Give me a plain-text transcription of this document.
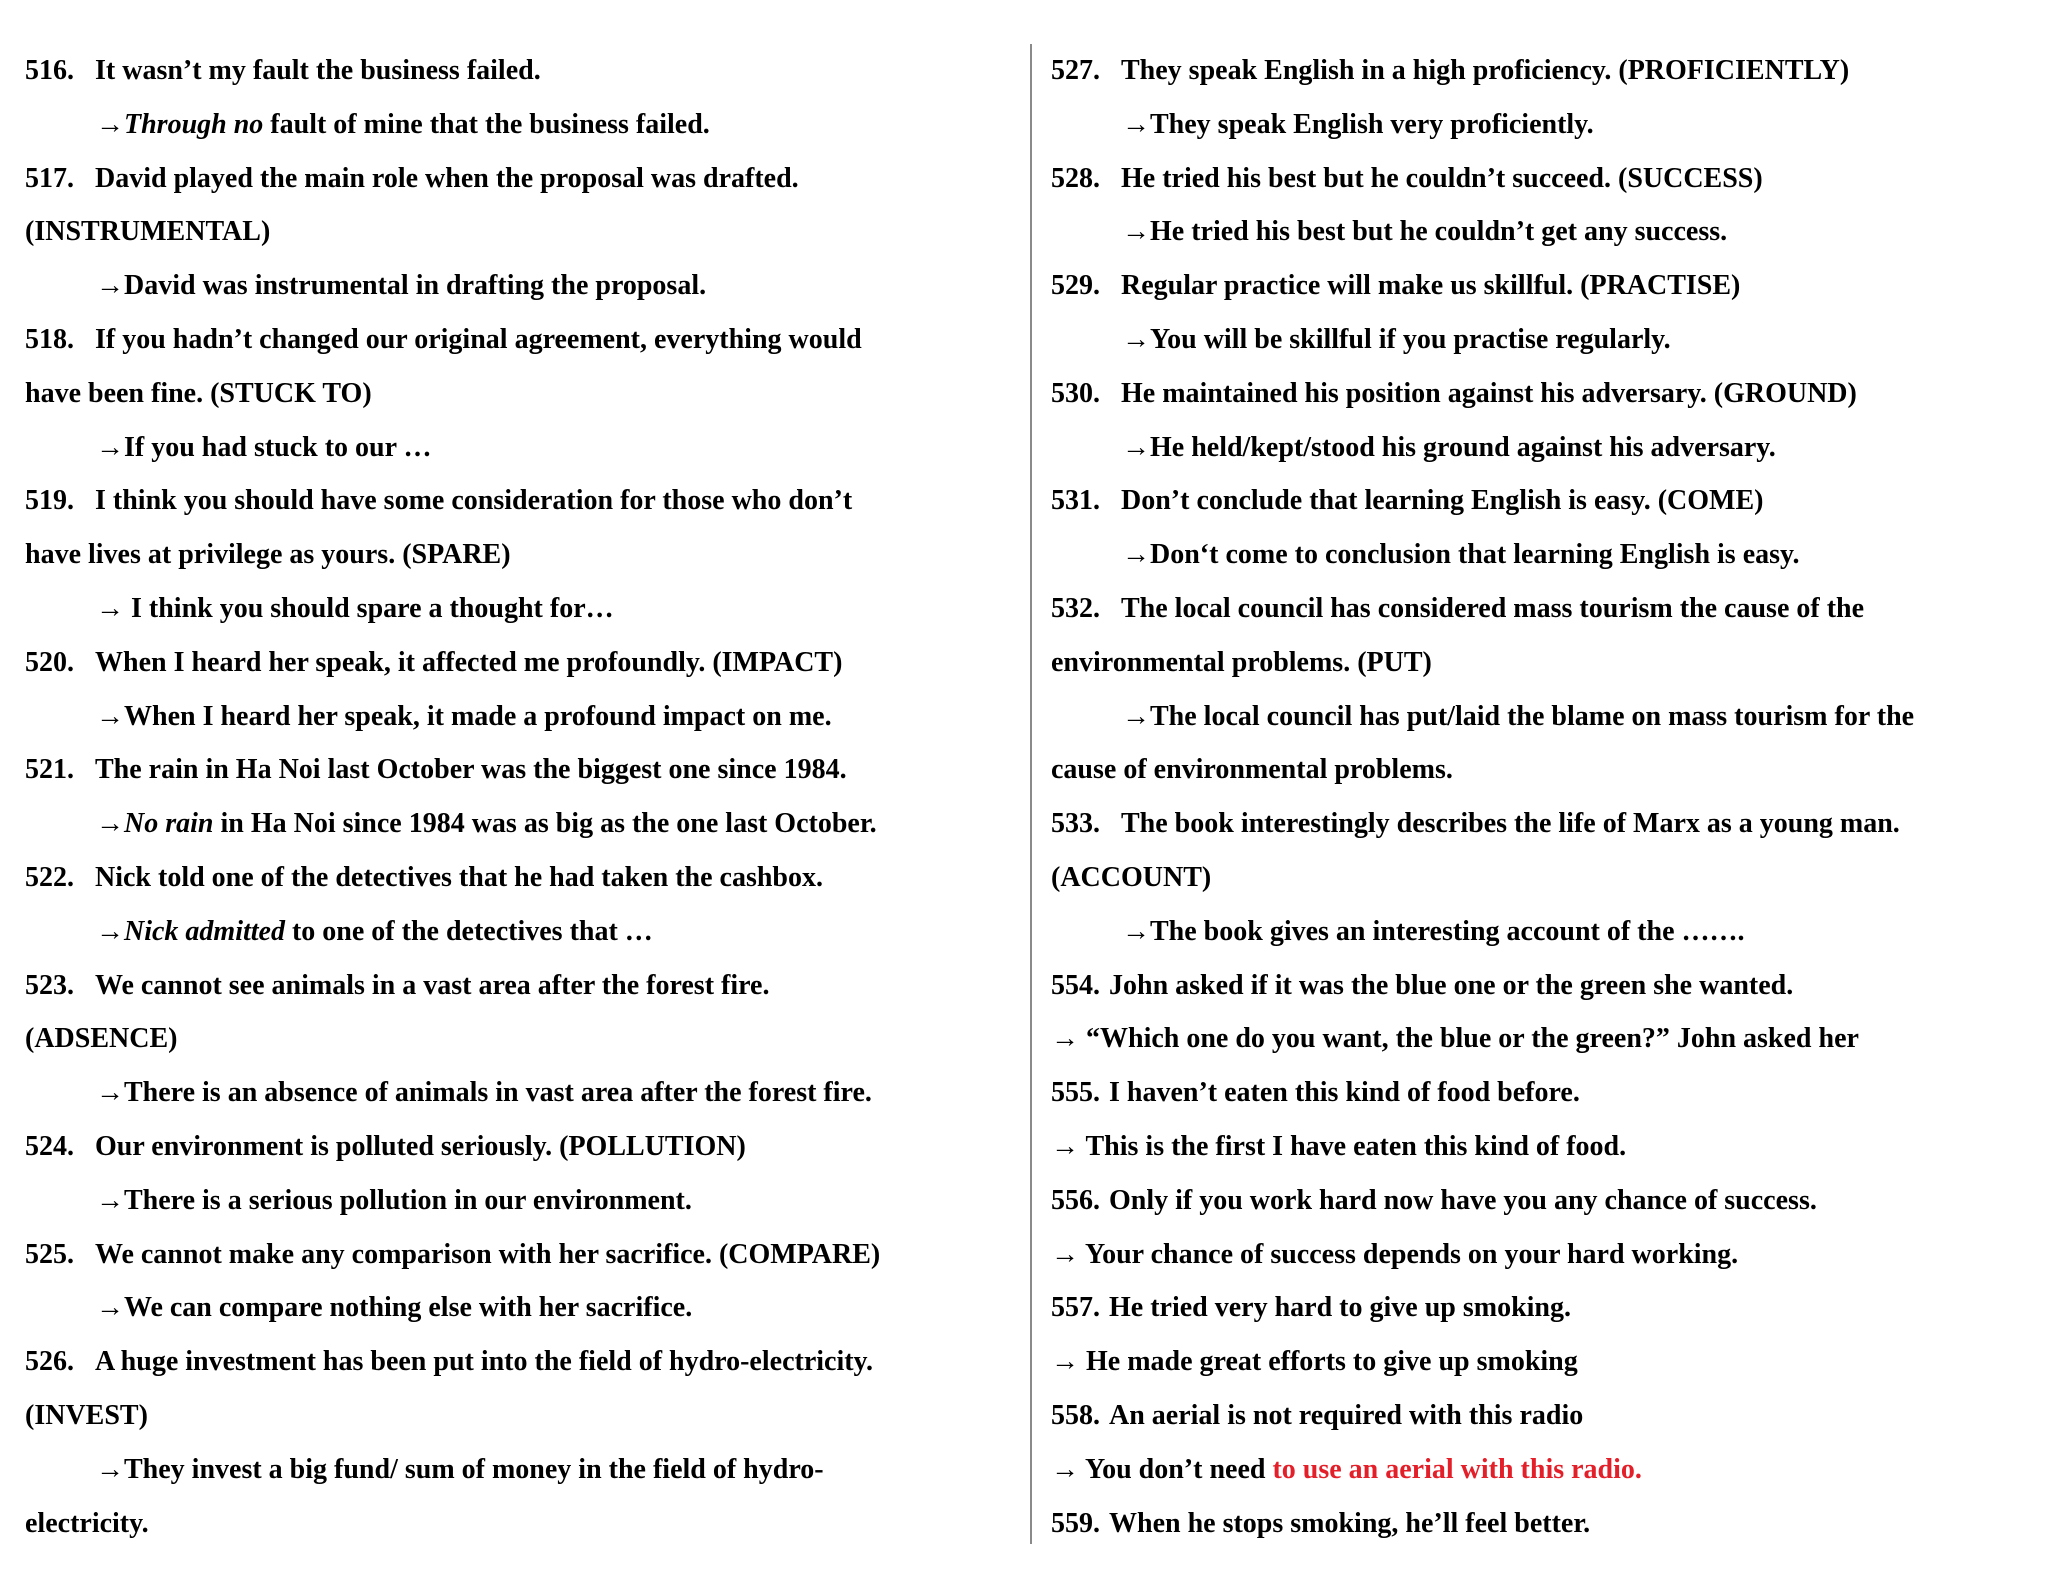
516. It wasn’t my fault the business failed.
→Through no fault of mine that the business failed.
517. David played the main role when the proposal was drafted.
(INSTRUMENTAL)
→David was instrumental in drafting the proposal.
518. If you hadn’t changed our original agreement, everything would
have been fine. (STUCK TO)
→If you had stuck to our …
519. I think you should have some consideration for those who don’t
have lives at privilege as yours. (SPARE)
→ I think you should spare a thought for…
520. When I heard her speak, it affected me profoundly. (IMPACT)
→When I heard her speak, it made a profound impact on me.
521. The rain in Ha Noi last October was the biggest one since 1984.
→No rain in Ha Noi since 1984 was as big as the one last October.
522. Nick told one of the detectives that he had taken the cashbox.
→Nick admitted to one of the detectives that …
523. We cannot see animals in a vast area after the forest fire.
(ADSENCE)
→There is an absence of animals in vast area after the forest fire.
524. Our environment is polluted seriously. (POLLUTION)
→There is a serious pollution in our environment.
525. We cannot make any comparison with her sacrifice. (COMPARE)
→We can compare nothing else with her sacrifice.
526. A huge investment has been put into the field of hydro-electricity.
(INVEST)
→They invest a big fund/ sum of money in the field of hydro-
electricity.
527. They speak English in a high proficiency. (PROFICIENTLY)
→They speak English very proficiently.
528. He tried his best but he couldn’t succeed. (SUCCESS)
→He tried his best but he couldn’t get any success.
529. Regular practice will make us skillful. (PRACTISE)
→You will be skillful if you practise regularly.
530. He maintained his position against his adversary. (GROUND)
→He held/kept/stood his ground against his adversary.
531. Don’t conclude that learning English is easy. (COME)
→Don‘t come to conclusion that learning English is easy.
532. The local council has considered mass tourism the cause of the
environmental problems. (PUT)
→The local council has put/laid the blame on mass tourism for the
cause of environmental problems.
533. The book interestingly describes the life of Marx as a young man.
(ACCOUNT)
→The book gives an interesting account of the …….
554. John asked if it was the blue one or the green she wanted.
→ “Which one do you want, the blue or the green?” John asked her
555. I haven’t eaten this kind of food before.
→ This is the first I have eaten this kind of food.
556. Only if you work hard now have you any chance of success.
→ Your chance of success depends on your hard working.
557. He tried very hard to give up smoking.
→ He made great efforts to give up smoking
558. An aerial is not required with this radio
→ You don’t need to use an aerial with this radio.
559. When he stops smoking, he’ll feel better.
